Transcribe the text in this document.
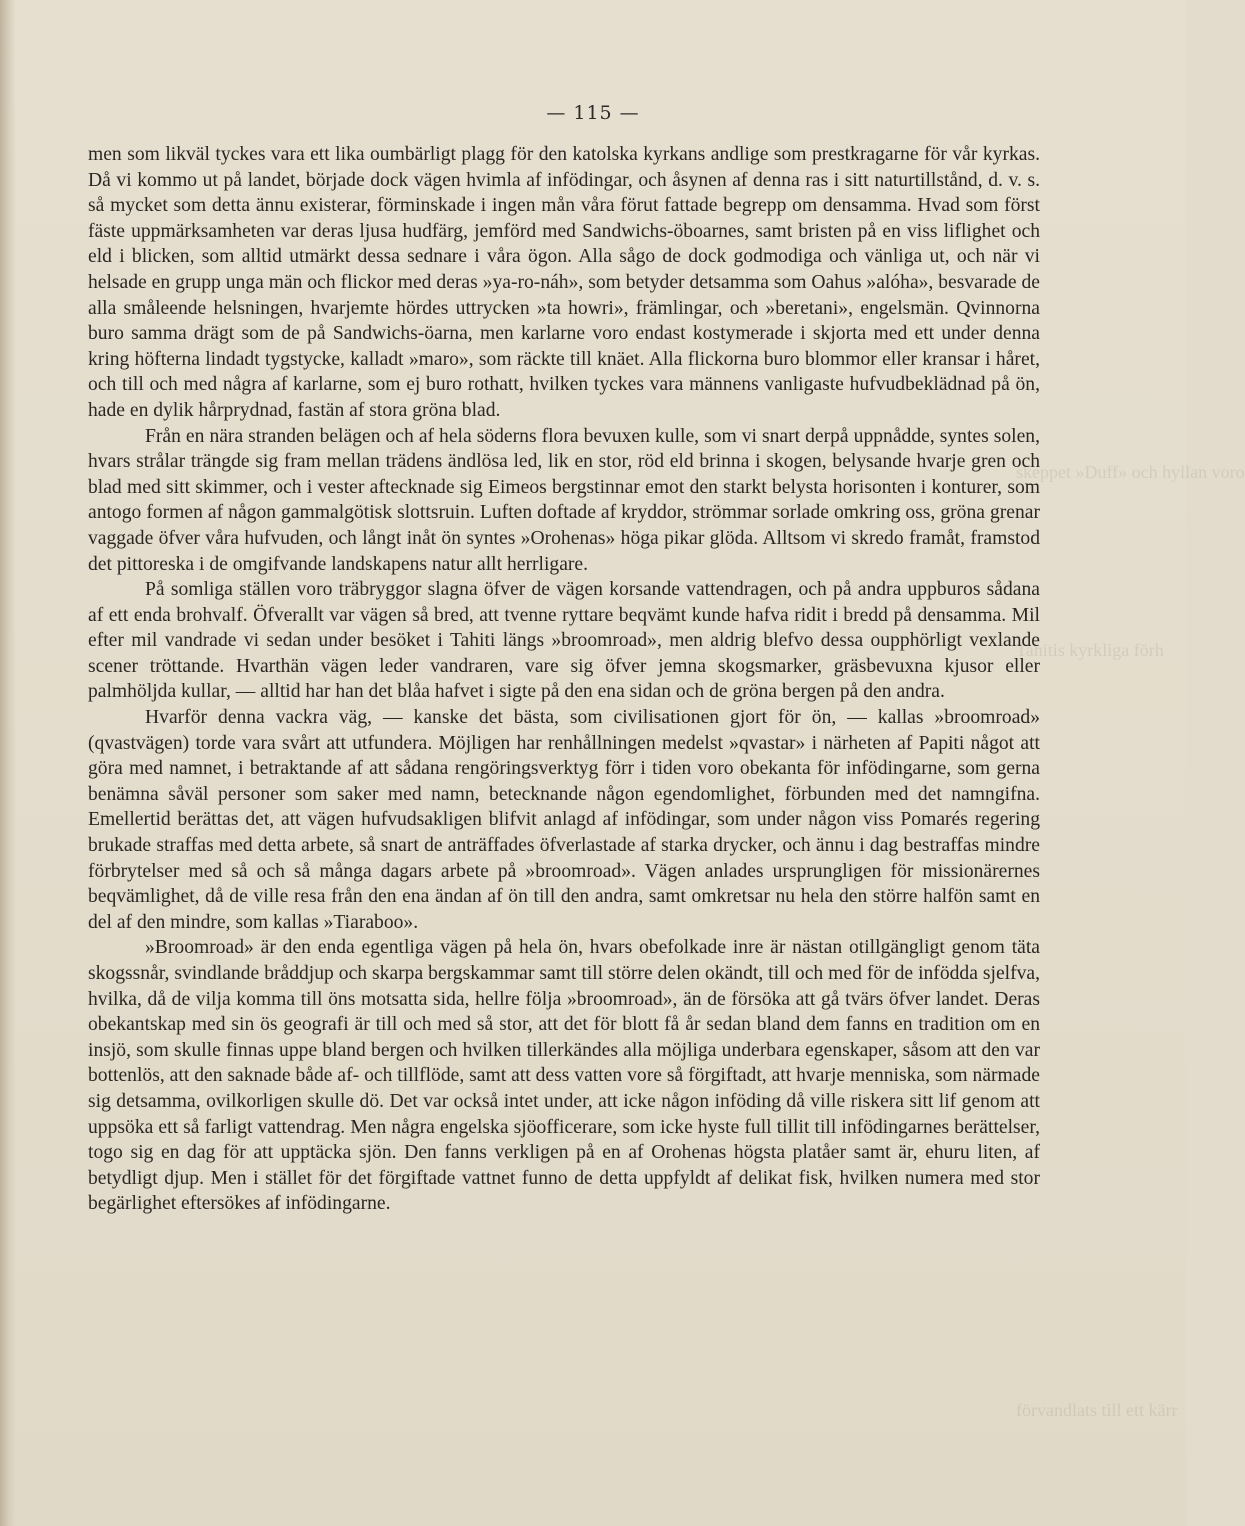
skeppet »Duff» och hyllan voro
Tahitis kyrkliga förh
förvandlats till ett kärr
— 115 —

men som likväl tyckes vara ett lika oumbärligt plagg för den katolska kyrkans andlige som prestkragarne för vår kyrkas. Då vi kommo ut på landet, började dock vägen hvimla af infödingar, och åsynen af denna ras i sitt naturtillstånd, d. v. s. så mycket som detta ännu existerar, förminskade i ingen mån våra förut fattade begrepp om densamma. Hvad som först fäste uppmärksamheten var deras ljusa hudfärg, jemförd med Sandwichs-öboarnes, samt bristen på en viss liflighet och eld i blicken, som alltid utmärkt dessa sednare i våra ögon. Alla sågo de dock godmodiga och vänliga ut, och när vi helsade en grupp unga män och flickor med deras »ya-ro-náh», som betyder detsamma som Oahus »alóha», besvarade de alla småleende helsningen, hvarjemte hördes uttrycken »ta howri», främlingar, och »beretani», engelsmän. Qvinnorna buro samma drägt som de på Sandwichs-öarna, men karlarne voro endast kostymerade i skjorta med ett under denna kring höfterna lindadt tygstycke, kalladt »maro», som räckte till knäet. Alla flickorna buro blommor eller kransar i håret, och till och med några af karlarne, som ej buro rothatt, hvilken tyckes vara männens vanligaste hufvudbeklädnad på ön, hade en dylik hårprydnad, fastän af stora gröna blad.

Från en nära stranden belägen och af hela söderns flora bevuxen kulle, som vi snart derpå uppnådde, syntes solen, hvars strålar trängde sig fram mellan trädens ändlösa led, lik en stor, röd eld brinna i skogen, belysande hvarje gren och blad med sitt skimmer, och i vester aftecknade sig Eimeos bergstinnar emot den starkt belysta horisonten i konturer, som antogo formen af någon gammalgötisk slottsruin. Luften doftade af kryddor, strömmar sorlade omkring oss, gröna grenar vaggade öfver våra hufvuden, och långt inåt ön syntes »Orohenas» höga pikar glöda. Alltsom vi skredo framåt, framstod det pittoreska i de omgifvande landskapens natur allt herrligare.

På somliga ställen voro träbryggor slagna öfver de vägen korsande vattendragen, och på andra uppburos sådana af ett enda brohvalf. Öfverallt var vägen så bred, att tvenne ryttare beqvämt kunde hafva ridit i bredd på densamma. Mil efter mil vandrade vi sedan under besöket i Tahiti längs »broomroad», men aldrig blefvo dessa oupphörligt vexlande scener tröttande. Hvarthän vägen leder vandraren, vare sig öfver jemna skogsmarker, gräsbevuxna kjusor eller palmhöljda kullar, — alltid har han det blåa hafvet i sigte på den ena sidan och de gröna bergen på den andra.

Hvarför denna vackra väg, — kanske det bästa, som civilisationen gjort för ön, — kallas »broomroad» (qvastvägen) torde vara svårt att utfundera. Möjligen har renhållningen medelst »qvastar» i närheten af Papiti något att göra med namnet, i betraktande af att sådana rengöringsverktyg förr i tiden voro obekanta för infödingarne, som gerna benämna såväl personer som saker med namn, betecknande någon egendomlighet, förbunden med det namngifna. Emellertid berättas det, att vägen hufvudsakligen blifvit anlagd af infödingar, som under någon viss Pomarés regering brukade straffas med detta arbete, så snart de anträffades öfverlastade af starka drycker, och ännu i dag bestraffas mindre förbrytelser med så och så många dagars arbete på »broomroad». Vägen anlades ursprungligen för missionärernes beqvämlighet, då de ville resa från den ena ändan af ön till den andra, samt omkretsar nu hela den större halfön samt en del af den mindre, som kallas »Tiaraboo».

»Broomroad» är den enda egentliga vägen på hela ön, hvars obefolkade inre är nästan otillgängligt genom täta skogssnår, svindlande bråddjup och skarpa bergskammar samt till större delen okändt, till och med för de infödda sjelfva, hvilka, då de vilja komma till öns motsatta sida, hellre följa »broomroad», än de försöka att gå tvärs öfver landet. Deras obekantskap med sin ös geografi är till och med så stor, att det för blott få år sedan bland dem fanns en tradition om en insjö, som skulle finnas uppe bland bergen och hvilken tillerkändes alla möjliga underbara egenskaper, såsom att den var bottenlös, att den saknade både af- och tillflöde, samt att dess vatten vore så förgiftadt, att hvarje menniska, som närmade sig detsamma, ovilkorligen skulle dö. Det var också intet under, att icke någon inföding då ville riskera sitt lif genom att uppsöka ett så farligt vattendrag. Men några engelska sjöofficerare, som icke hyste full tillit till infödingarnes berättelser, togo sig en dag för att upptäcka sjön. Den fanns verkligen på en af Orohenas högsta platåer samt är, ehuru liten, af betydligt djup. Men i stället för det förgiftade vattnet funno de detta uppfyldt af delikat fisk, hvilken numera med stor begärlighet eftersökes af infödingarne.
